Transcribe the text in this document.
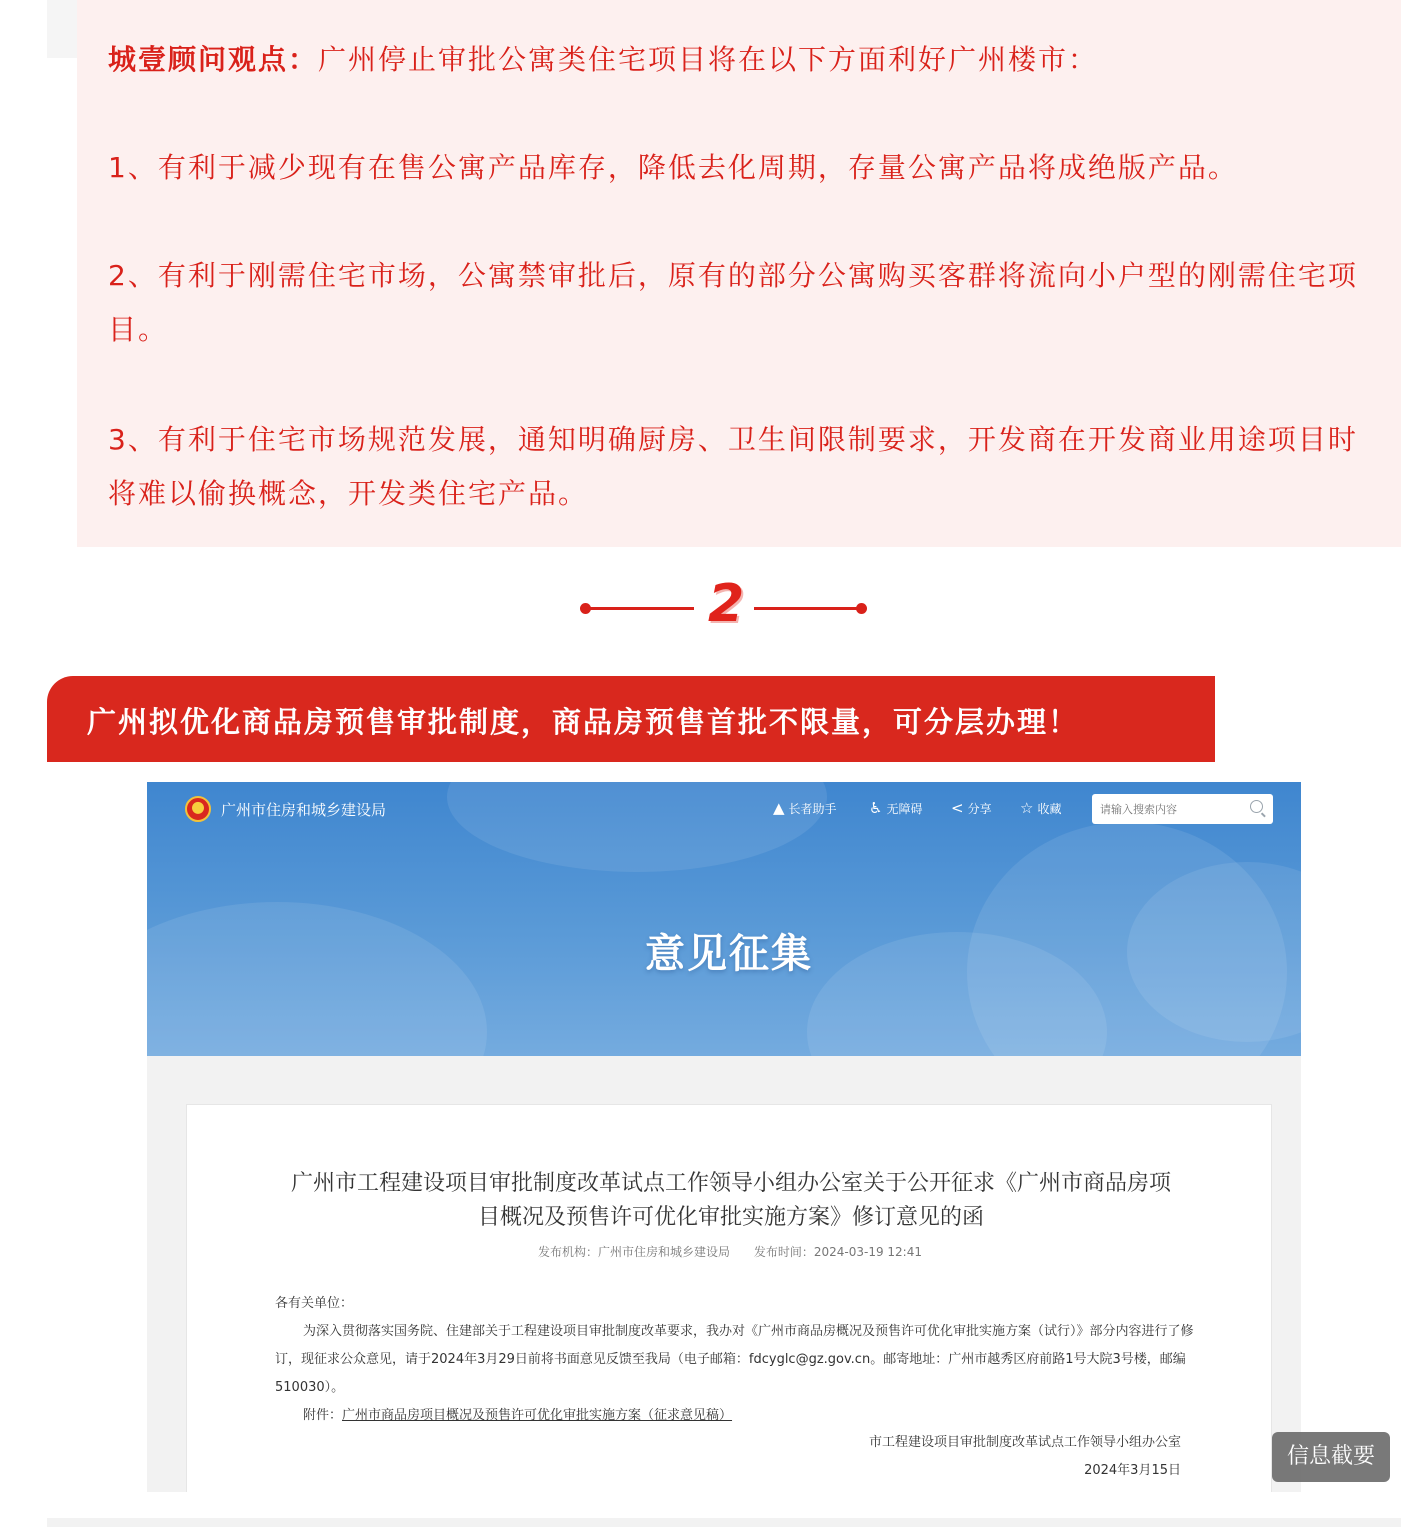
城壹顾问观点：广州停止审批公寓类住宅项目将在以下方面利好广州楼市：

1、有利于减少现有在售公寓产品库存，降低去化周期，存量公寓产品将成绝版产品。

2、有利于刚需住宅市场，公寓禁审批后，原有的部分公寓购买客群将流向小户型的刚需住宅项目。

3、有利于住宅市场规范发展，通知明确厨房、卫生间限制要求，开发商在开发商业用途项目时将难以偷换概念，开发类住宅产品。

2
广州拟优化商品房预售审批制度，商品房预售首批不限量，可分层办理！
广州市住房和城乡建设局	▲ 长者助手 ♿ 无障碍 < 分享 ☆ 收藏
请输入搜索内容
意见征集
广州市工程建设项目审批制度改革试点工作领导小组办公室关于公开征求《广州市商品房项目概况及预售许可优化审批实施方案》修订意见的函
发布机构：广州市住房和城乡建设局 发布时间：2024-03-19 12:41
各有关单位：
为深入贯彻落实国务院、住建部关于工程建设项目审批制度改革要求，我办对《广州市商品房概况及预售许可优化审批实施方案（试行）》部分内容进行了修订，现征求公众意见，请于2024年3月29日前将书面意见反馈至我局（电子邮箱：fdcyglc@gz.gov.cn。邮寄地址：广州市越秀区府前路1号大院3号楼，邮编510030）。
附件：广州市商品房项目概况及预售许可优化审批实施方案（征求意见稿）
市工程建设项目审批制度改革试点工作领导小组办公室
2024年3月15日
信息截要
